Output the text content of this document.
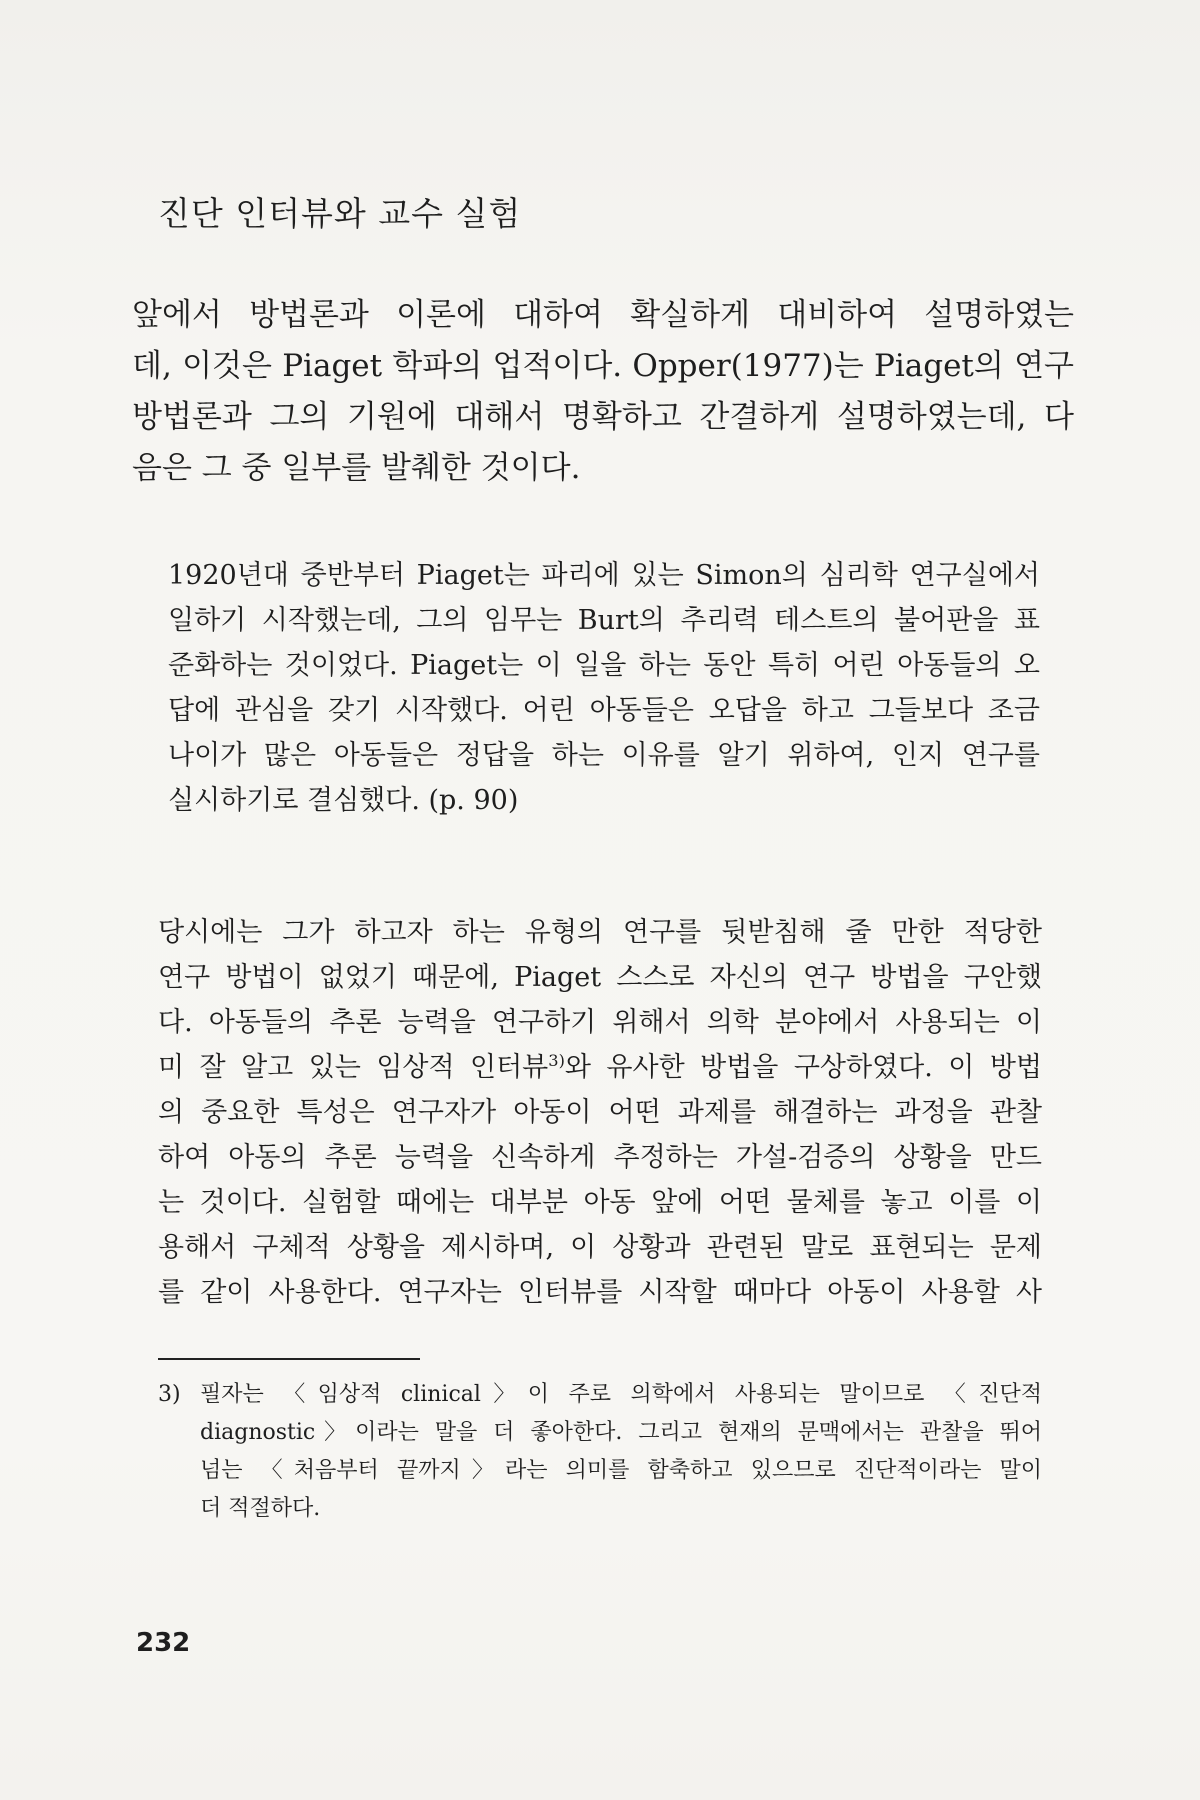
진단 인터뷰와 교수 실험
앞에서 방법론과 이론에 대하여 확실하게 대비하여 설명하였는
데, 이것은 Piaget 학파의 업적이다. Opper(1977)는 Piaget의 연구
방법론과 그의 기원에 대해서 명확하고 간결하게 설명하였는데, 다
음은 그 중 일부를 발췌한 것이다.
1920년대 중반부터 Piaget는 파리에 있는 Simon의 심리학 연구실에서
일하기 시작했는데, 그의 임무는 Burt의 추리력 테스트의 불어판을 표
준화하는 것이었다. Piaget는 이 일을 하는 동안 특히 어린 아동들의 오
답에 관심을 갖기 시작했다. 어린 아동들은 오답을 하고 그들보다 조금
나이가 많은 아동들은 정답을 하는 이유를 알기 위하여, 인지 연구를
실시하기로 결심했다. (p. 90)
당시에는 그가 하고자 하는 유형의 연구를 뒷받침해 줄 만한 적당한
연구 방법이 없었기 때문에, Piaget 스스로 자신의 연구 방법을 구안했
다. 아동들의 추론 능력을 연구하기 위해서 의학 분야에서 사용되는 이
미 잘 알고 있는 임상적 인터뷰$^{3)}$와 유사한 방법을 구상하였다. 이 방법
의 중요한 특성은 연구자가 아동이 어떤 과제를 해결하는 과정을 관찰
하여 아동의 추론 능력을 신속하게 추정하는 가설-검증의 상황을 만드
는 것이다. 실험할 때에는 대부분 아동 앞에 어떤 물체를 놓고 이를 이
용해서 구체적 상황을 제시하며, 이 상황과 관련된 말로 표현되는 문제
를 같이 사용한다. 연구자는 인터뷰를 시작할 때마다 아동이 사용할 사
3) 필자는 〈임상적 clinical〉이 주로 의학에서 사용되는 말이므로 〈진단적
diagnostic〉이라는 말을 더 좋아한다. 그리고 현재의 문맥에서는 관찰을 뛰어
넘는 〈처음부터 끝까지〉라는 의미를 함축하고 있으므로 진단적이라는 말이
더 적절하다.
232
